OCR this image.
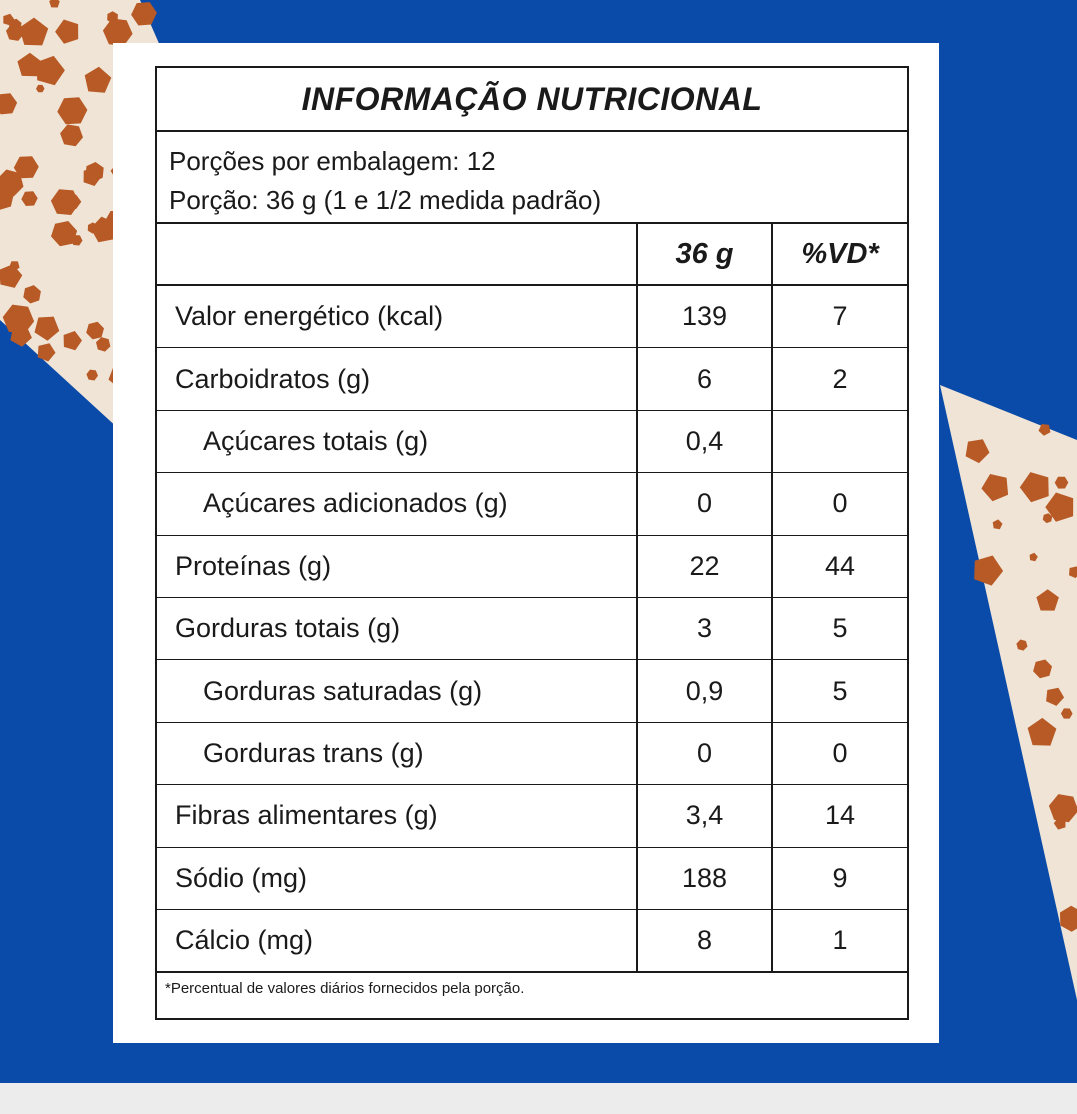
INFORMAÇÃO NUTRICIONAL
Porções por embalagem: 12
Porção: 36 g (1 e 1/2 medida padrão)
	36 g	%VD*
Valor energético (kcal)	139	7
Carboidratos (g)	6	2
Açúcares totais (g)	0,4	
Açúcares adicionados (g)	0	0
Proteínas (g)	22	44
Gorduras totais (g)	3	5
Gorduras saturadas (g)	0,9	5
Gorduras trans (g)	0	0
Fibras alimentares (g)	3,4	14
Sódio (mg)	188	9
Cálcio (mg)	8	1
*Percentual de valores diários fornecidos pela porção.
